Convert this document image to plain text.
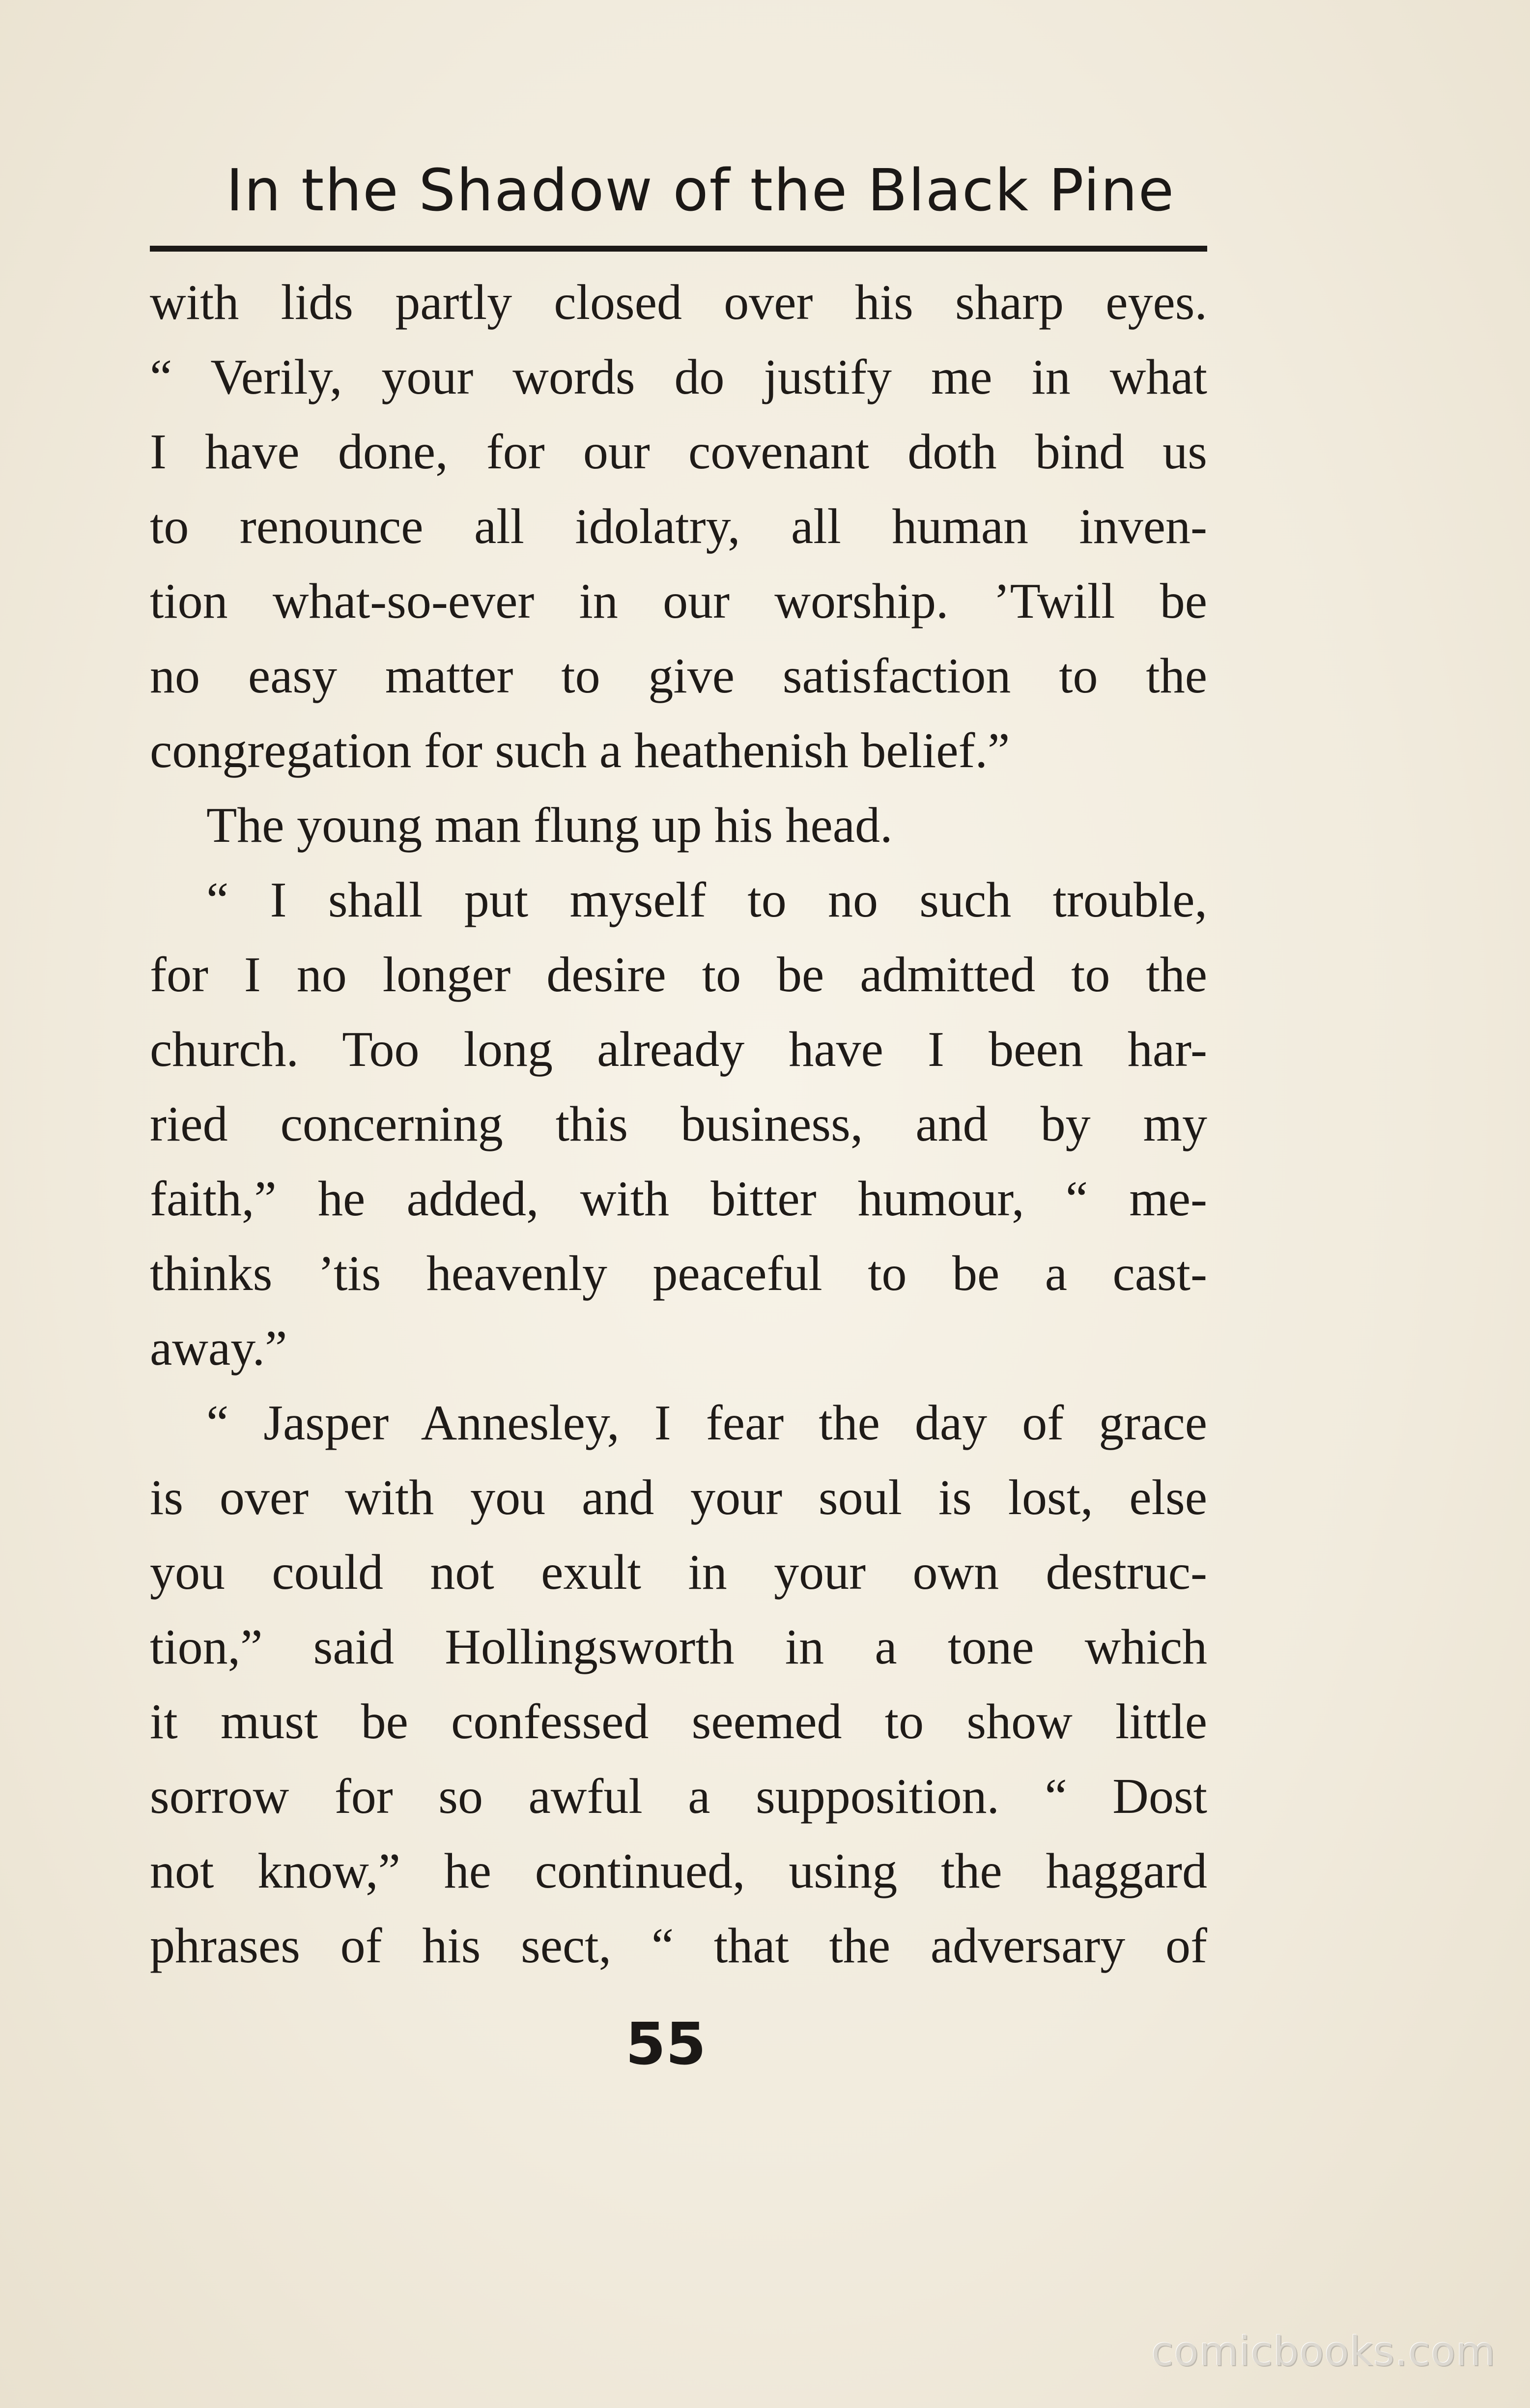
In the Shadow of the Black Pine
with lids partly closed over his sharp eyes.
“ Verily, your words do justify me in what
I have done, for our covenant doth bind us
to renounce all idolatry, all human inven-
tion what-so-ever in our worship. ’Twill be
no easy matter to give satisfaction to the
congregation for such a heathenish belief.”
The young man flung up his head.
“ I shall put myself to no such trouble,
for I no longer desire to be admitted to the
church. Too long already have I been har-
ried concerning this business, and by my
faith,” he added, with bitter humour, “ me-
thinks ’tis heavenly peaceful to be a cast-
away.”
“ Jasper Annesley, I fear the day of grace
is over with you and your soul is lost, else
you could not exult in your own destruc-
tion,” said Hollingsworth in a tone which
it must be confessed seemed to show little
sorrow for so awful a supposition. “ Dost
not know,” he continued, using the haggard
phrases of his sect, “ that the adversary of
55
comicbooks.com
